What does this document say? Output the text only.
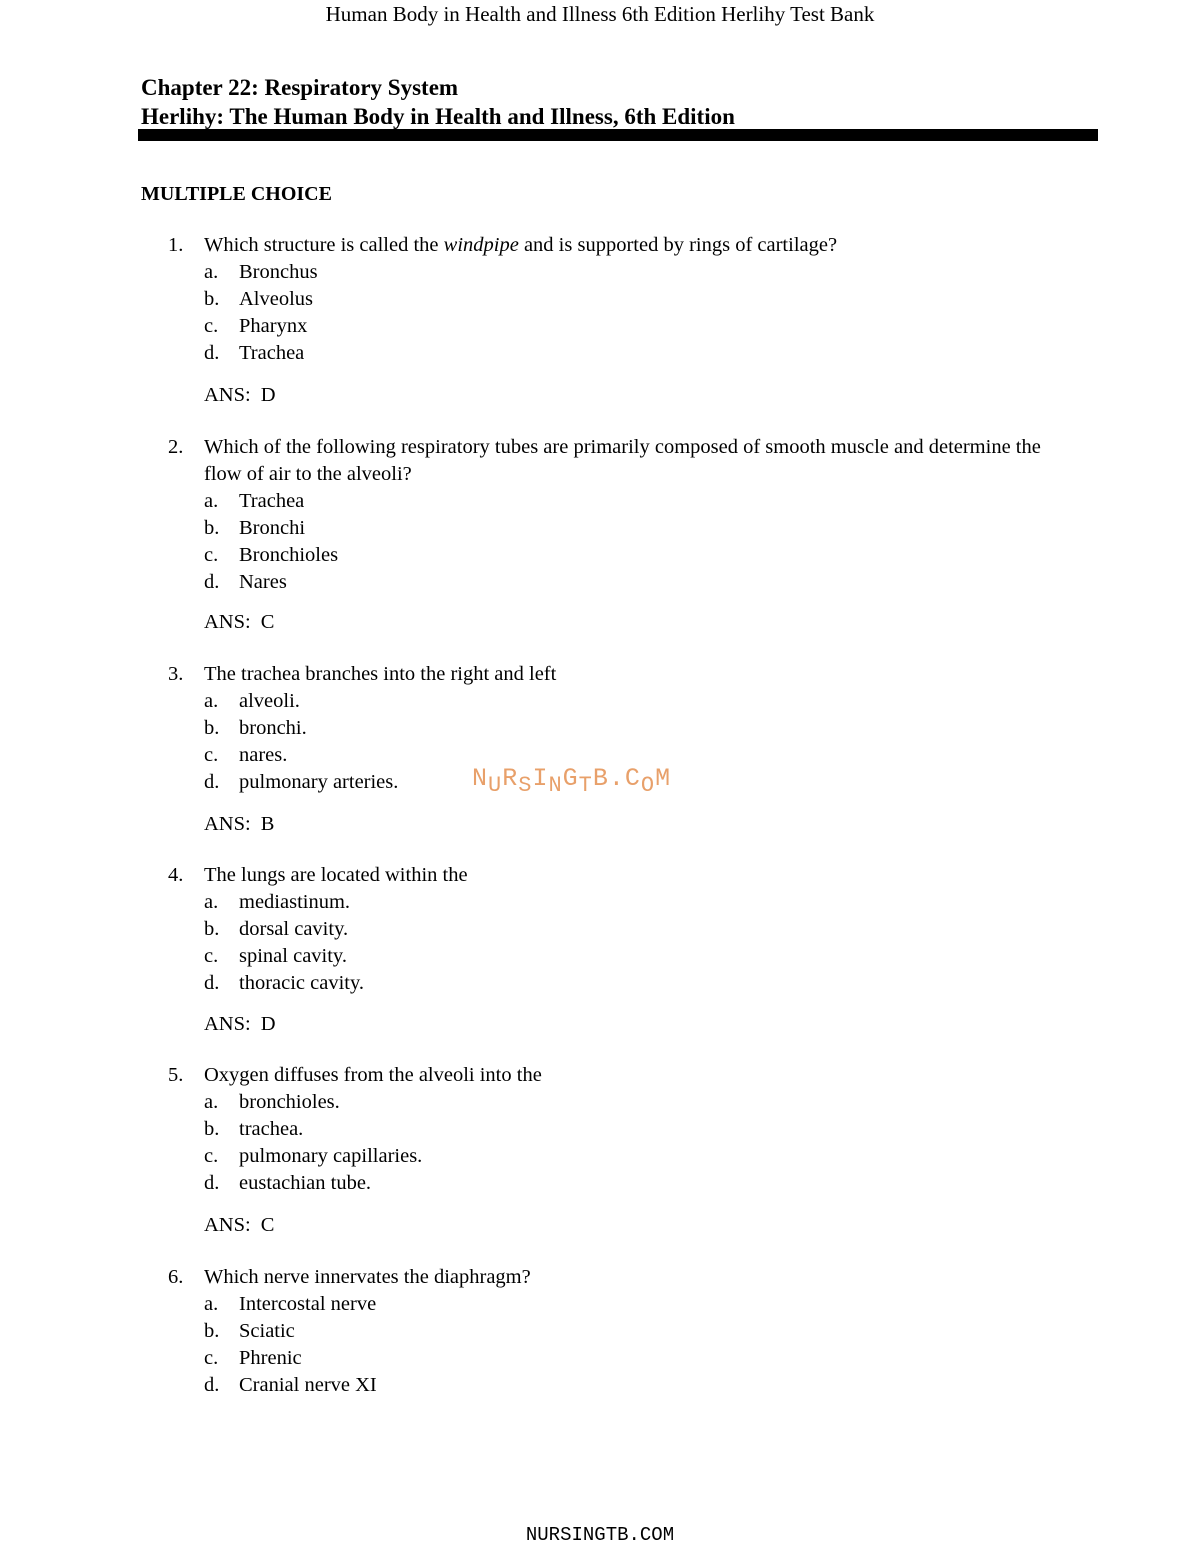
Human Body in Health and Illness 6th Edition Herlihy Test Bank
Chapter 22: Respiratory System
Herlihy: The Human Body in Health and Illness, 6th Edition
MULTIPLE CHOICE
1. Which structure is called the windpipe and is supported by rings of cartilage?
a. Bronchus
b. Alveolus
c. Pharynx
d. Trachea
ANS: D
2. Which of the following respiratory tubes are primarily composed of smooth muscle and determine the flow of air to the alveoli?
a. Trachea
b. Bronchi
c. Bronchioles
d. Nares
ANS: C
3. The trachea branches into the right and left
a. alveoli.
b. bronchi.
c. nares.
d. pulmonary arteries.
ANS: B
4. The lungs are located within the
a. mediastinum.
b. dorsal cavity.
c. spinal cavity.
d. thoracic cavity.
ANS: D
5. Oxygen diffuses from the alveoli into the
a. bronchioles.
b. trachea.
c. pulmonary capillaries.
d. eustachian tube.
ANS: C
6. Which nerve innervates the diaphragm?
a. Intercostal nerve
b. Sciatic
c. Phrenic
d. Cranial nerve XI
NURSINGTB.COM
NURSINGTB.COM
